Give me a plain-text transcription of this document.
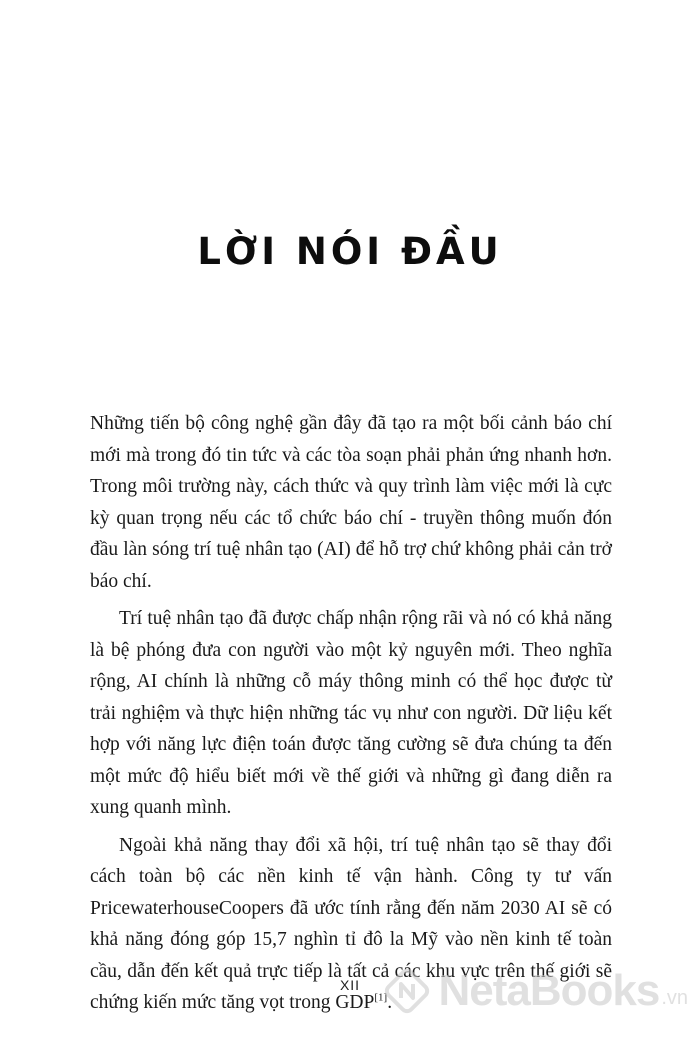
LỜI NÓI ĐẦU

Những tiến bộ công nghệ gần đây đã tạo ra một bối cảnh báo chí mới mà trong đó tin tức và các tòa soạn phải phản ứng nhanh hơn. Trong môi trường này, cách thức và quy trình làm việc mới là cực kỳ quan trọng nếu các tổ chức báo chí - truyền thông muốn đón đầu làn sóng trí tuệ nhân tạo (AI) để hỗ trợ chứ không phải cản trở báo chí.

Trí tuệ nhân tạo đã được chấp nhận rộng rãi và nó có khả năng là bệ phóng đưa con người vào một kỷ nguyên mới. Theo nghĩa rộng, AI chính là những cỗ máy thông minh có thể học được từ trải nghiệm và thực hiện những tác vụ như con người. Dữ liệu kết hợp với năng lực điện toán được tăng cường sẽ đưa chúng ta đến một mức độ hiểu biết mới về thế giới và những gì đang diễn ra xung quanh mình.

Ngoài khả năng thay đổi xã hội, trí tuệ nhân tạo sẽ thay đổi cách toàn bộ các nền kinh tế vận hành. Công ty tư vấn PricewaterhouseCoopers đã ước tính rằng đến năm 2030 AI sẽ có khả năng đóng góp 15,7 nghìn tỉ đô la Mỹ vào nền kinh tế toàn cầu, dẫn đến kết quả trực tiếp là tất cả các khu vực trên thế giới sẽ chứng kiến mức tăng vọt trong GDP[1].

XII	NetaBooks .vn
